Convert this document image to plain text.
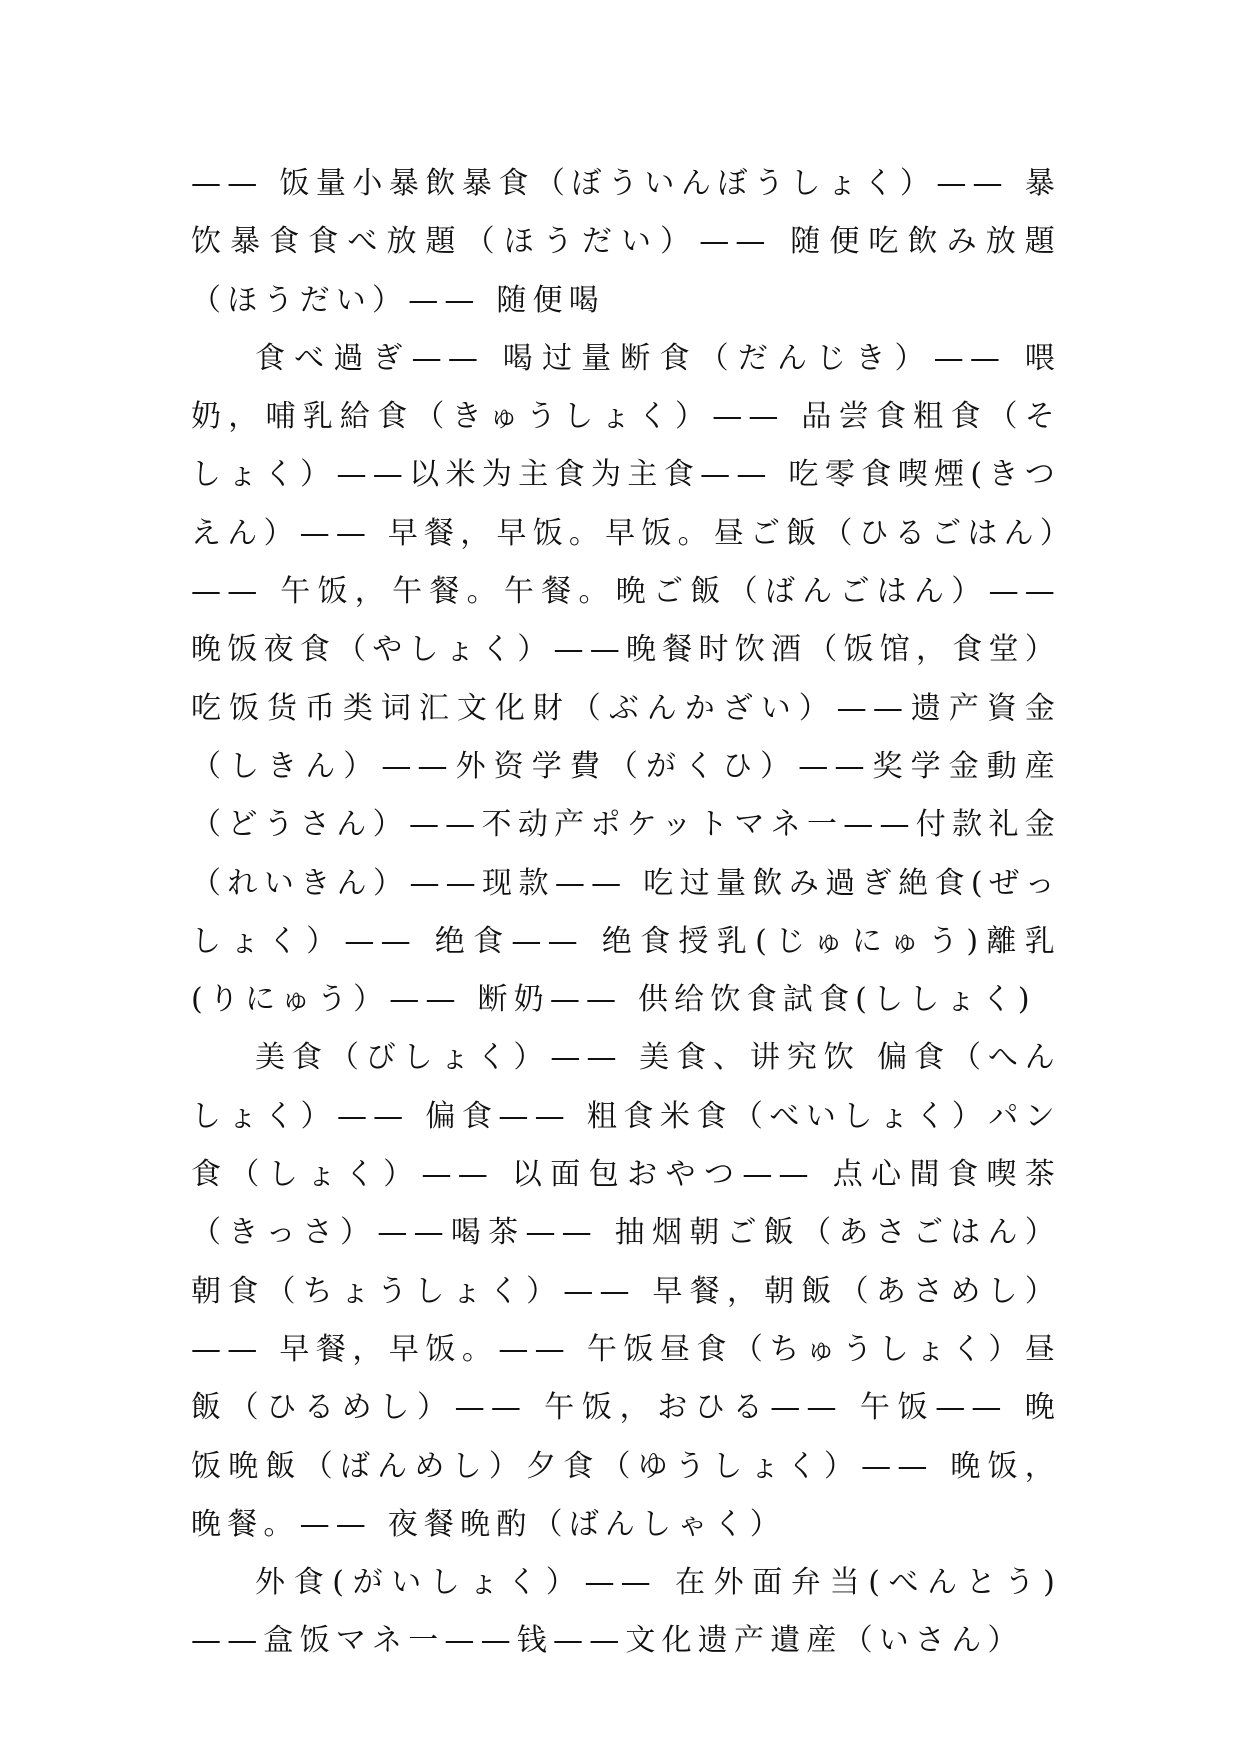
—— 饭量小暴飲暴食（ぼういんぼうしょく）—— 暴饮暴食食べ放題（ほうだい）—— 随便吃飲み放題（ほうだい）—— 随便喝

食べ過ぎ—— 喝过量断食（だんじき）—— 喂奶，哺乳給食（きゅうしょく）—— 品尝食粗食（そしょく）——以米为主食为主食—— 吃零食喫煙(きつえん）—— 早餐，早饭。早饭。昼ご飯（ひるごはん）—— 午饭，午餐。午餐。晩ご飯（ばんごはん）—— 晚饭夜食（やしょく）——晚餐时饮酒（饭馆，食堂）吃饭货币类词汇文化財（ぶんかざい）——遗产資金（しきん）——外资学費（がくひ）——奖学金動産（どうさん）——不动产ポケットマネ一——付款礼金（れいきん）——现款—— 吃过量飲み過ぎ絶食(ぜっしょく）—— 绝食—— 绝食授乳(じゅにゅう)離乳(りにゅう）—— 断奶—— 供给饮食試食(ししょく)

美食（びしょく）—— 美食、讲究饮 偏食（へんしょく）—— 偏食—— 粗食米食（べいしょく）パン食（しょく）—— 以面包おやつ—— 点心間食喫茶（きっさ）——喝茶—— 抽烟朝ご飯（あさごはん）朝食（ちょうしょく）—— 早餐，朝飯（あさめし）—— 早餐，早饭。—— 午饭昼食（ちゅうしょく）昼飯（ひるめし）—— 午饭，おひる—— 午饭—— 晚饭晩飯（ばんめし）夕食（ゆうしょく）—— 晚饭，晚餐。—— 夜餐晩酌（ばんしゃく）

外食(がいしょく）—— 在外面弁当(べんとう)——盒饭マネ一——钱——文化遗产遺産（いさん）
